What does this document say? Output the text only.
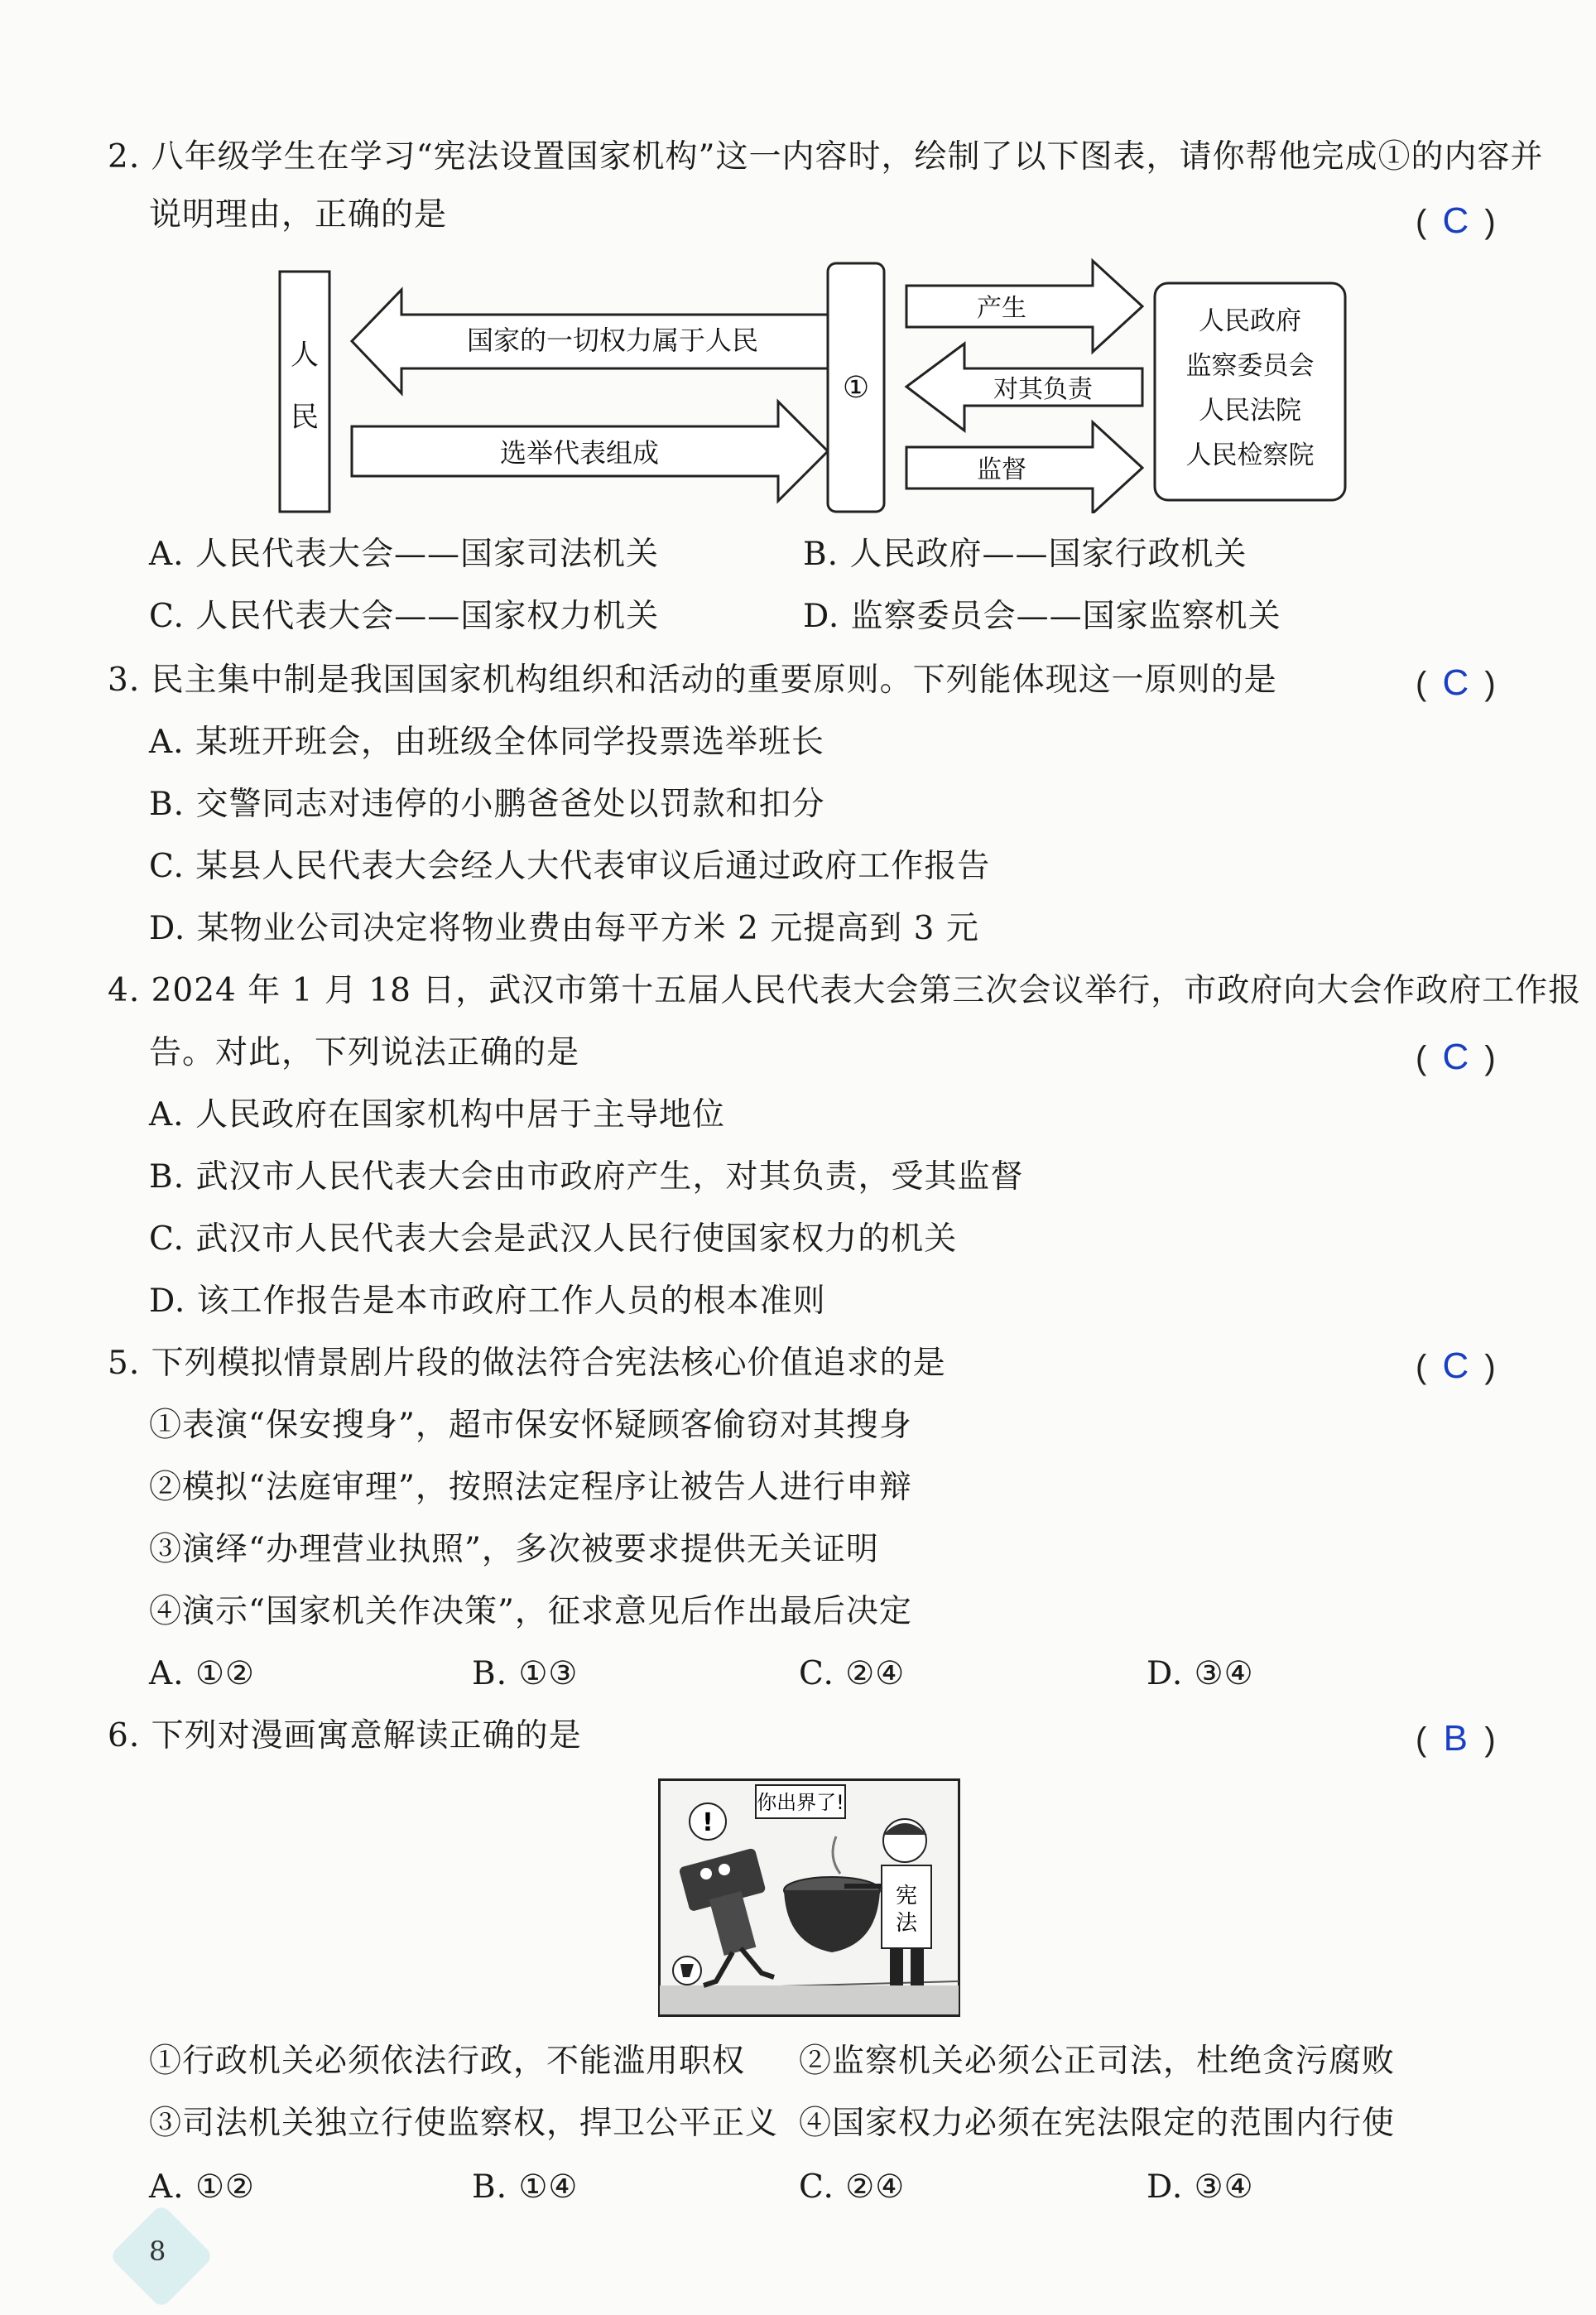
2. 八年级学生在学习“宪法设置国家机构”这一内容时，绘制了以下图表，请你帮他完成①的内容并
说明理由，正确的是	( C )
人
民
国家的一切权力属于人民
选举代表组成
①
产生
对其负责
监督
人民政府
监察委员会
人民法院
人民检察院
A. 人民代表大会——国家司法机关	B. 人民政府——国家行政机关
C. 人民代表大会——国家权力机关	D. 监察委员会——国家监察机关
3. 民主集中制是我国国家机构组织和活动的重要原则。下列能体现这一原则的是	( C )
A. 某班开班会，由班级全体同学投票选举班长
B. 交警同志对违停的小鹏爸爸处以罚款和扣分
C. 某县人民代表大会经人大代表审议后通过政府工作报告
D. 某物业公司决定将物业费由每平方米 2 元提高到 3 元
4. 2024 年 1 月 18 日，武汉市第十五届人民代表大会第三次会议举行，市政府向大会作政府工作报
告。对此，下列说法正确的是	( C )
A. 人民政府在国家机构中居于主导地位
B. 武汉市人民代表大会由市政府产生，对其负责，受其监督
C. 武汉市人民代表大会是武汉人民行使国家权力的机关
D. 该工作报告是本市政府工作人员的根本准则
5. 下列模拟情景剧片段的做法符合宪法核心价值追求的是	( C )
①表演“保安搜身”，超市保安怀疑顾客偷窃对其搜身
②模拟“法庭审理”，按照法定程序让被告人进行申辩
③演绎“办理营业执照”，多次被要求提供无关证明
④演示“国家机关作决策”，征求意见后作出最后决定
A. ①②	B. ①③	C. ②④	D. ③④
6. 下列对漫画寓意解读正确的是	( B )
你出界了!
!
宪
法
①行政机关必须依法行政，不能滥用职权 ②监察机关必须公正司法，杜绝贪污腐败
③司法机关独立行使监察权，捍卫公平正义 ④国家权力必须在宪法限定的范围内行使
A. ①②	B. ①④	C. ②④	D. ③④
8
